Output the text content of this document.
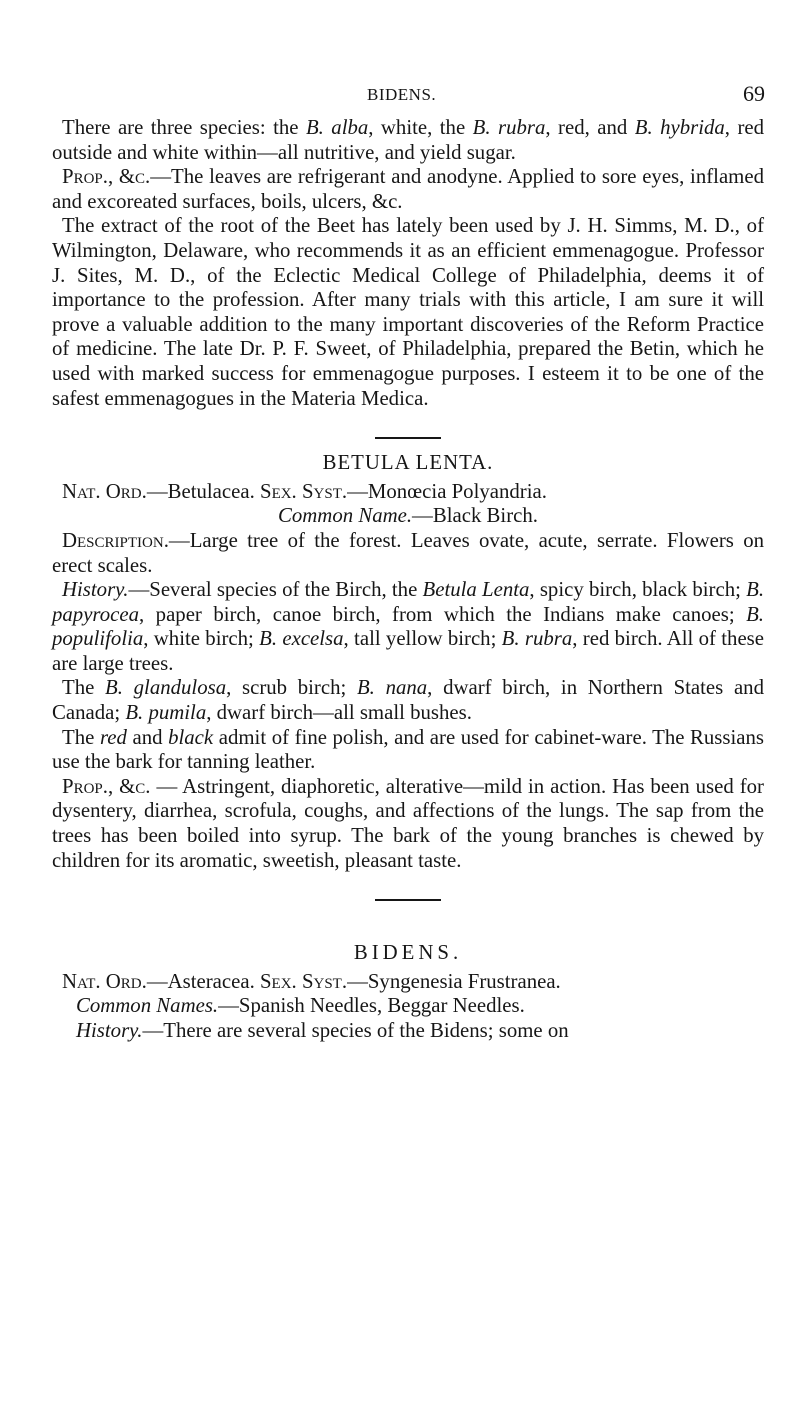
BIDENS.	69

There are three species: the B. alba, white, the B. rubra, red, and B. hybrida, red outside and white within—all nutritive, and yield sugar.

Prop., &c.—The leaves are refrigerant and anodyne. Applied to sore eyes, inflamed and excoreated surfaces, boils, ulcers, &c.

The extract of the root of the Beet has lately been used by J. H. Simms, M. D., of Wilmington, Delaware, who recommends it as an efficient emmenagogue. Professor J. Sites, M. D., of the Eclectic Medical College of Philadelphia, deems it of importance to the profession. After many trials with this article, I am sure it will prove a valuable addition to the many important discoveries of the Reform Practice of medicine. The late Dr. P. F. Sweet, of Philadelphia, prepared the Betin, which he used with marked success for emmenagogue purposes. I esteem it to be one of the safest emmenagogues in the Materia Medica.

BETULA LENTA.

Nat. Ord.—Betulacea. Sex. Syst.—Monœcia Polyandria.

Common Name.—Black Birch.

Description.—Large tree of the forest. Leaves ovate, acute, serrate. Flowers on erect scales.

History.—Several species of the Birch, the Betula Lenta, spicy birch, black birch; B. papyrocea, paper birch, canoe birch, from which the Indians make canoes; B. populifolia, white birch; B. excelsa, tall yellow birch; B. rubra, red birch. All of these are large trees.

The B. glandulosa, scrub birch; B. nana, dwarf birch, in Northern States and Canada; B. pumila, dwarf birch—all small bushes.

The red and black admit of fine polish, and are used for cabinet-ware. The Russians use the bark for tanning leather.

Prop., &c. — Astringent, diaphoretic, alterative—mild in action. Has been used for dysentery, diarrhea, scrofula, coughs, and affections of the lungs. The sap from the trees has been boiled into syrup. The bark of the young branches is chewed by children for its aromatic, sweetish, pleasant taste.

BIDENS.

Nat. Ord.—Asteracea. Sex. Syst.—Syngenesia Frustranea.

Common Names.—Spanish Needles, Beggar Needles.

History.—There are several species of the Bidens; some on
